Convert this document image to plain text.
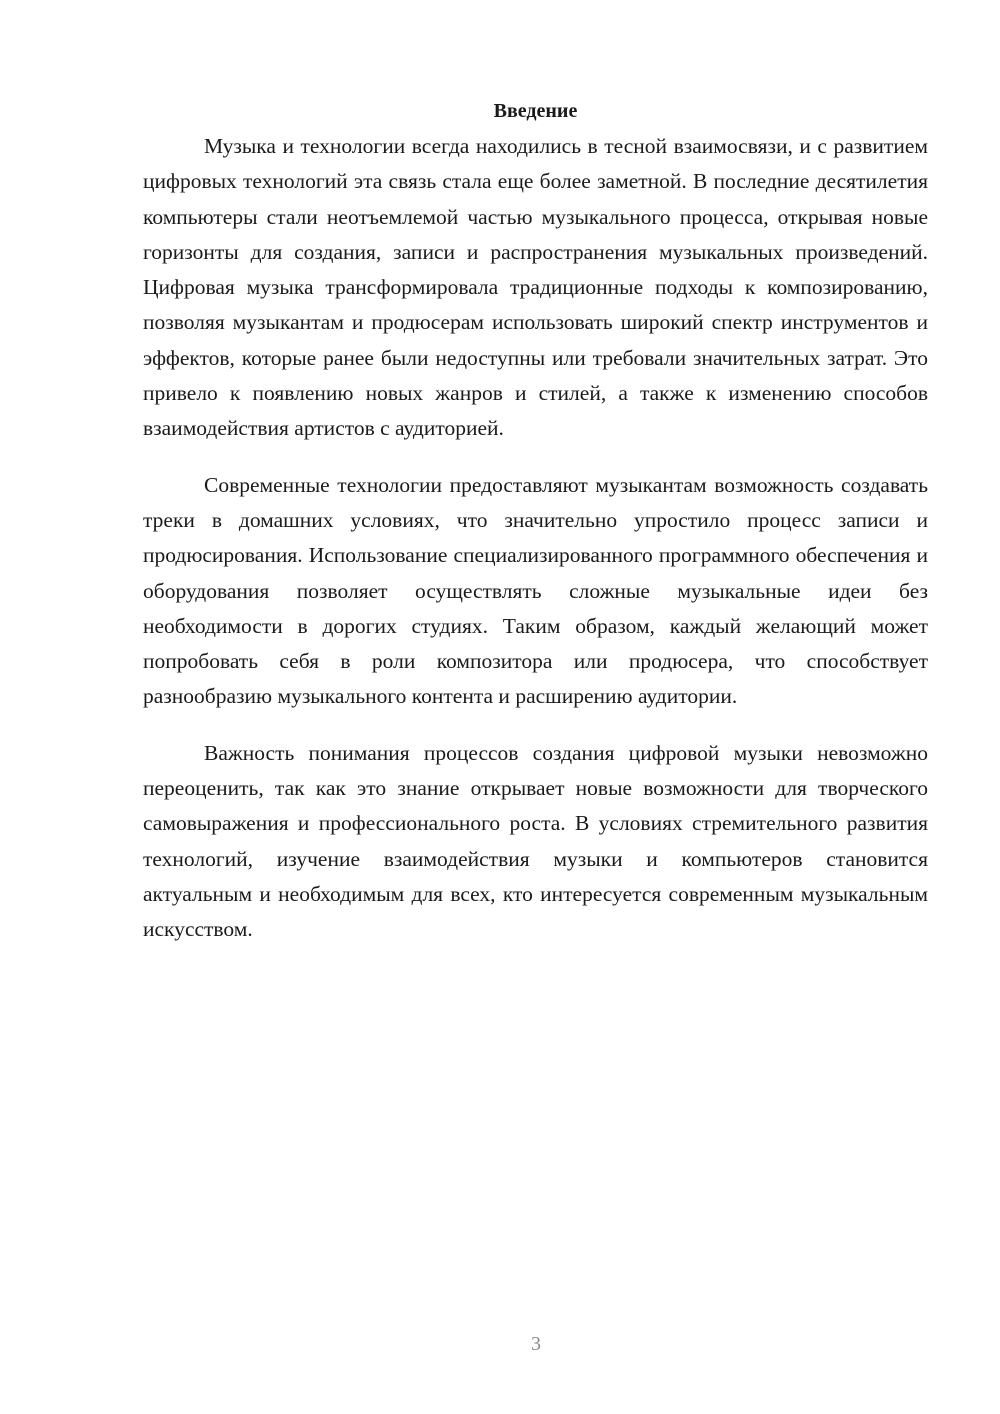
Введение

Музыка и технологии всегда находились в тесной взаимосвязи, и с развитием цифровых технологий эта связь стала еще более заметной. В последние десятилетия компьютеры стали неотъемлемой частью музыкального процесса, открывая новые горизонты для создания, записи и распространения музыкальных произведений. Цифровая музыка трансформировала традиционные подходы к композированию, позволяя музыкантам и продюсерам использовать широкий спектр инструментов и эффектов, которые ранее были недоступны или требовали значительных затрат. Это привело к появлению новых жанров и стилей, а также к изменению способов взаимодействия артистов с аудиторией.

Современные технологии предоставляют музыкантам возможность создавать треки в домашних условиях, что значительно упростило процесс записи и продюсирования. Использование специализированного программного обеспечения и оборудования позволяет осуществлять сложные музыкальные идеи без необходимости в дорогих студиях. Таким образом, каждый желающий может попробовать себя в роли композитора или продюсера, что способствует разнообразию музыкального контента и расширению аудитории.

Важность понимания процессов создания цифровой музыки невозможно переоценить, так как это знание открывает новые возможности для творческого самовыражения и профессионального роста. В условиях стремительного развития технологий, изучение взаимодействия музыки и компьютеров становится актуальным и необходимым для всех, кто интересуется современным музыкальным искусством.

3
